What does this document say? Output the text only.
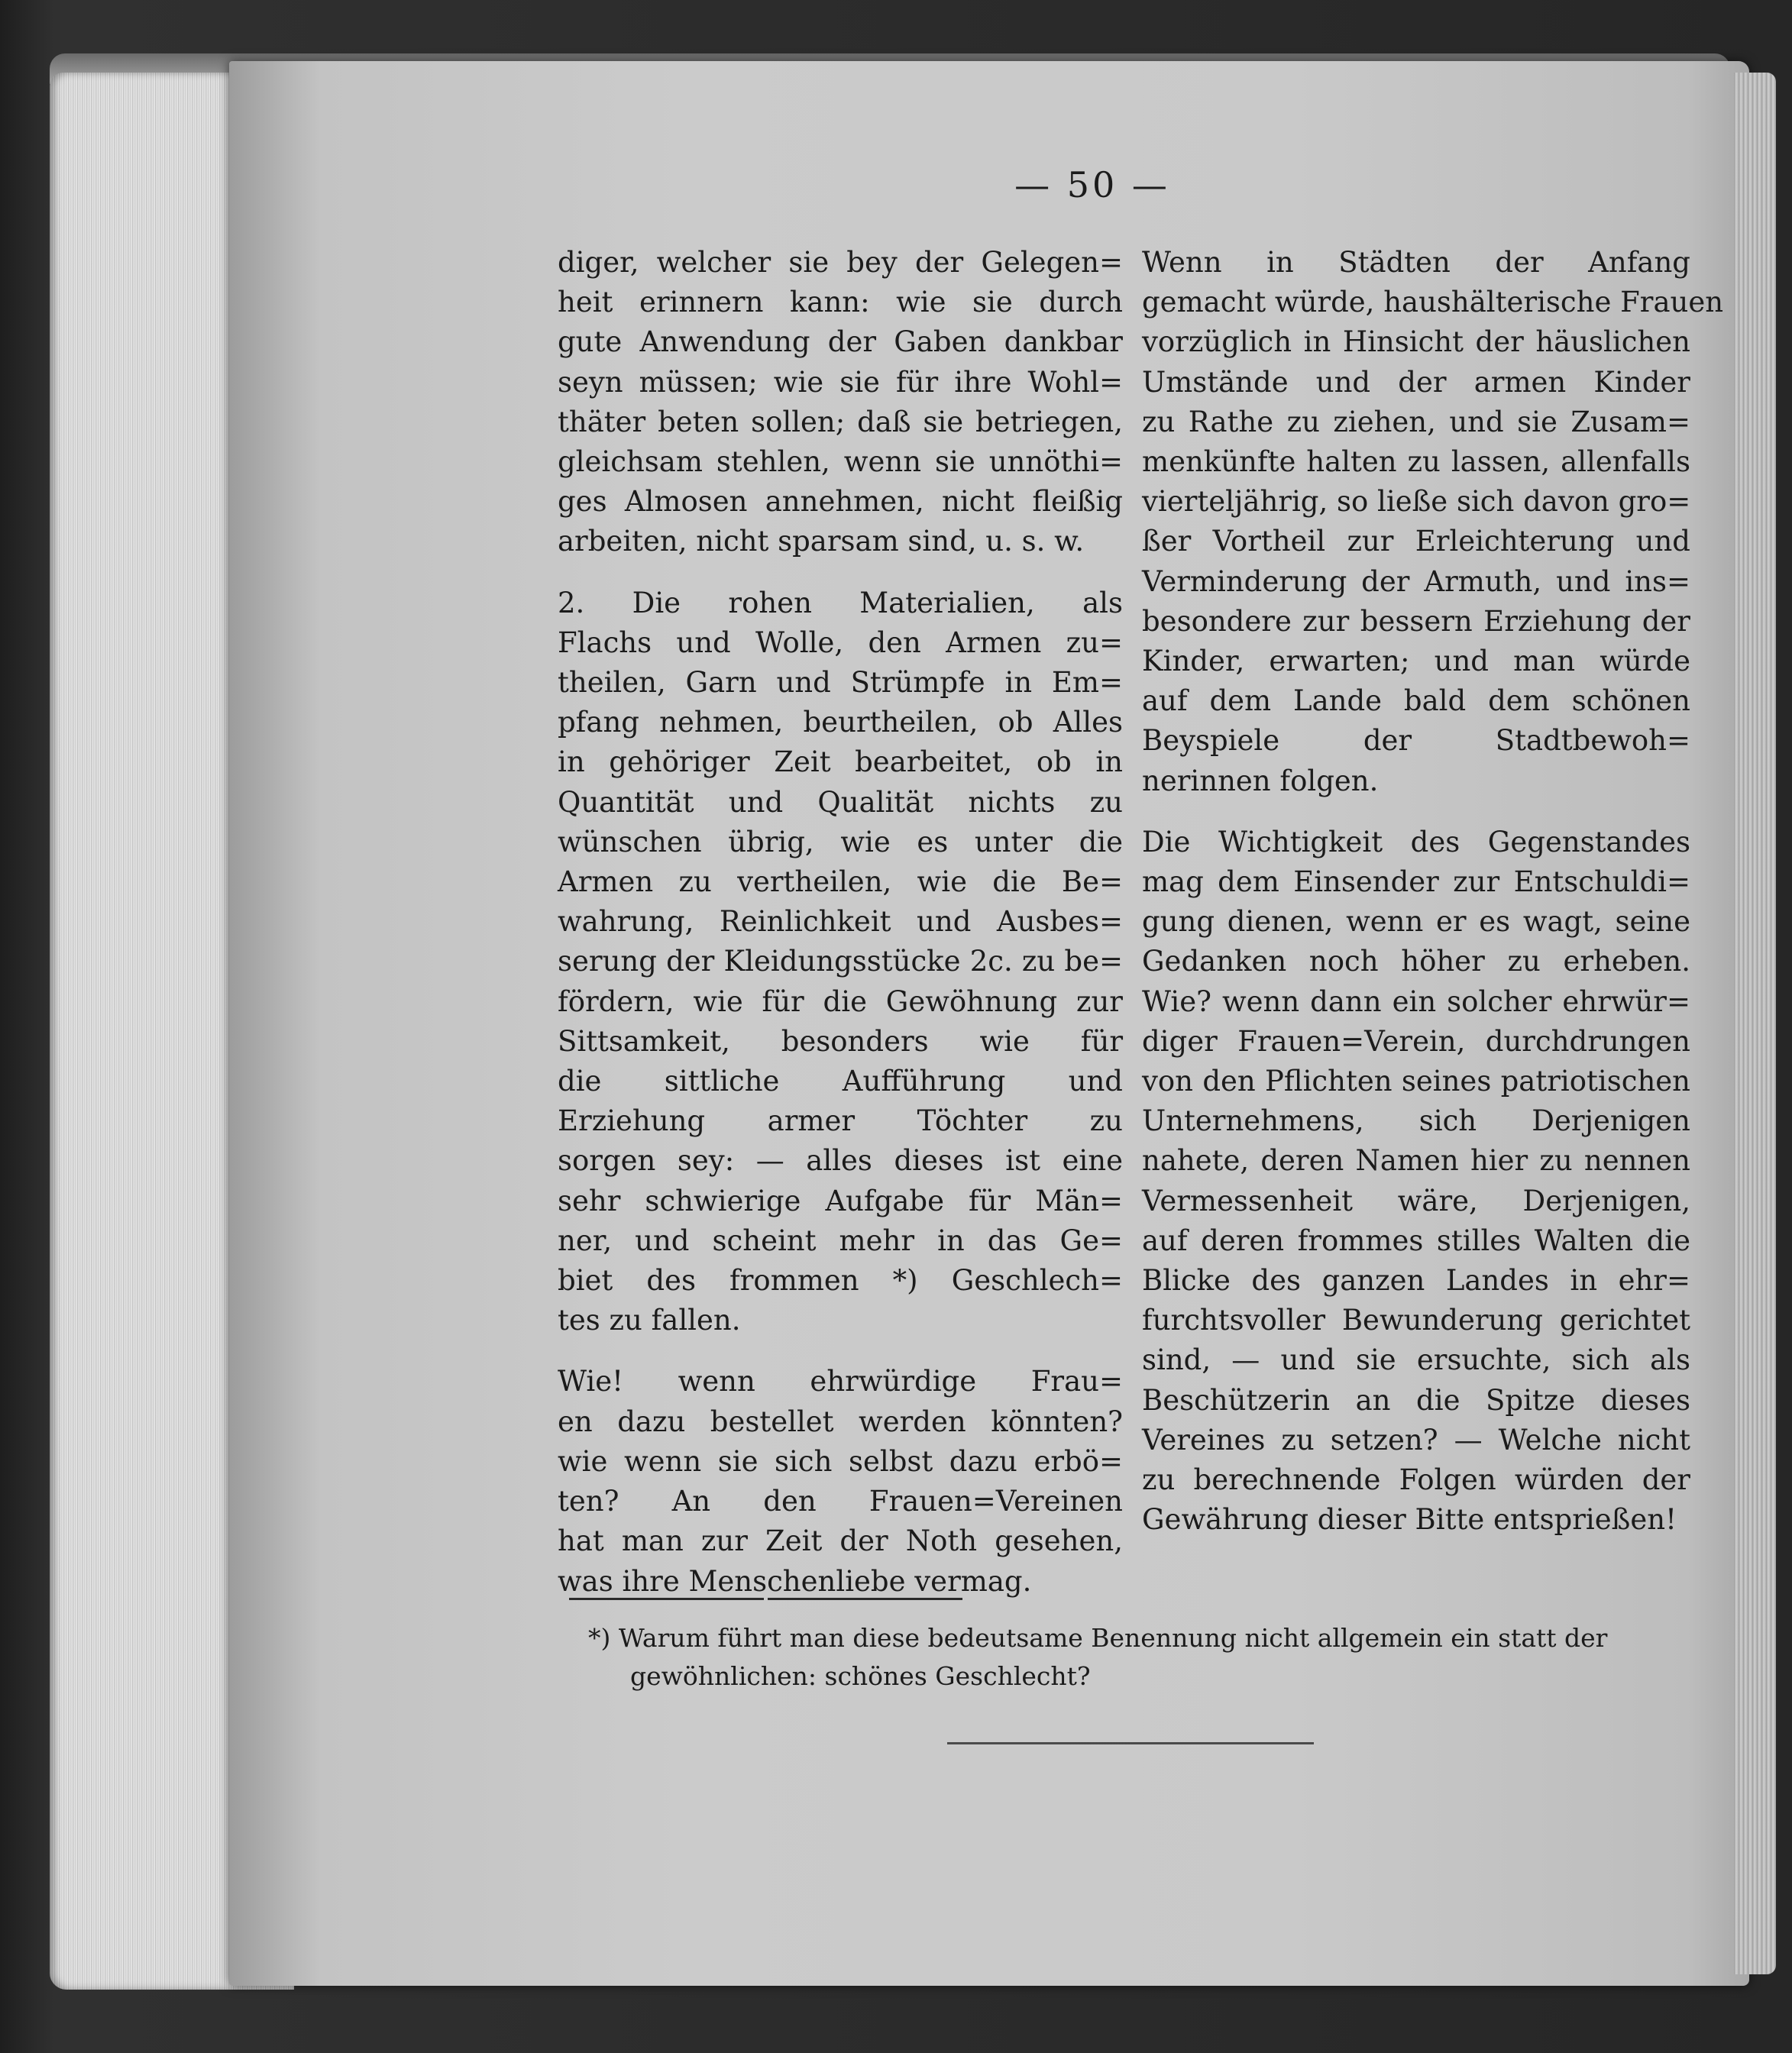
— 50 —
diger, welcher sie bey der Gelegen=
heit erinnern kann: wie sie durch
gute Anwendung der Gaben dankbar
seyn müssen; wie sie für ihre Wohl=
thäter beten sollen; daß sie betriegen,
gleichsam stehlen, wenn sie unnöthi=
ges Almosen annehmen, nicht fleißig
arbeiten, nicht sparsam sind, u. s. w.
2. Die rohen Materialien, als
Flachs und Wolle, den Armen zu=
theilen, Garn und Strümpfe in Em=
pfang nehmen, beurtheilen, ob Alles
in gehöriger Zeit bearbeitet, ob in
Quantität und Qualität nichts zu
wünschen übrig, wie es unter die
Armen zu vertheilen, wie die Be=
wahrung, Reinlichkeit und Ausbes=
serung der Kleidungsstücke 2c. zu be=
fördern, wie für die Gewöhnung zur
Sittsamkeit, besonders wie für
die sittliche Aufführung und
Erziehung armer Töchter zu
sorgen sey: — alles dieses ist eine
sehr schwierige Aufgabe für Män=
ner, und scheint mehr in das Ge=
biet des frommen *) Geschlech=
tes zu fallen.
Wie! wenn ehrwürdige Frau=
en dazu bestellet werden könnten?
wie wenn sie sich selbst dazu erbö=
ten? An den Frauen=Vereinen
hat man zur Zeit der Noth gesehen,
was ihre Menschenliebe vermag.
Wenn in Städten der Anfang
gemacht würde, haushälterische Frauen
vorzüglich in Hinsicht der häuslichen
Umstände und der armen Kinder
zu Rathe zu ziehen, und sie Zusam=
menkünfte halten zu lassen, allenfalls
vierteljährig, so ließe sich davon gro=
ßer Vortheil zur Erleichterung und
Verminderung der Armuth, und ins=
besondere zur bessern Erziehung der
Kinder, erwarten; und man würde
auf dem Lande bald dem schönen
Beyspiele der Stadtbewoh=
nerinnen folgen.
Die Wichtigkeit des Gegenstandes
mag dem Einsender zur Entschuldi=
gung dienen, wenn er es wagt, seine
Gedanken noch höher zu erheben.
Wie? wenn dann ein solcher ehrwür=
diger Frauen=Verein, durchdrungen
von den Pflichten seines patriotischen
Unternehmens, sich Derjenigen
nahete, deren Namen hier zu nennen
Vermessenheit wäre, Derjenigen,
auf deren frommes stilles Walten die
Blicke des ganzen Landes in ehr=
furchtsvoller Bewunderung gerichtet
sind, — und sie ersuchte, sich als
Beschützerin an die Spitze dieses
Vereines zu setzen? — Welche nicht
zu berechnende Folgen würden der
Gewährung dieser Bitte entsprießen!
*) Warum führt man diese bedeutsame Benennung nicht allgemein ein statt der
gewöhnlichen: schönes Geschlecht?
